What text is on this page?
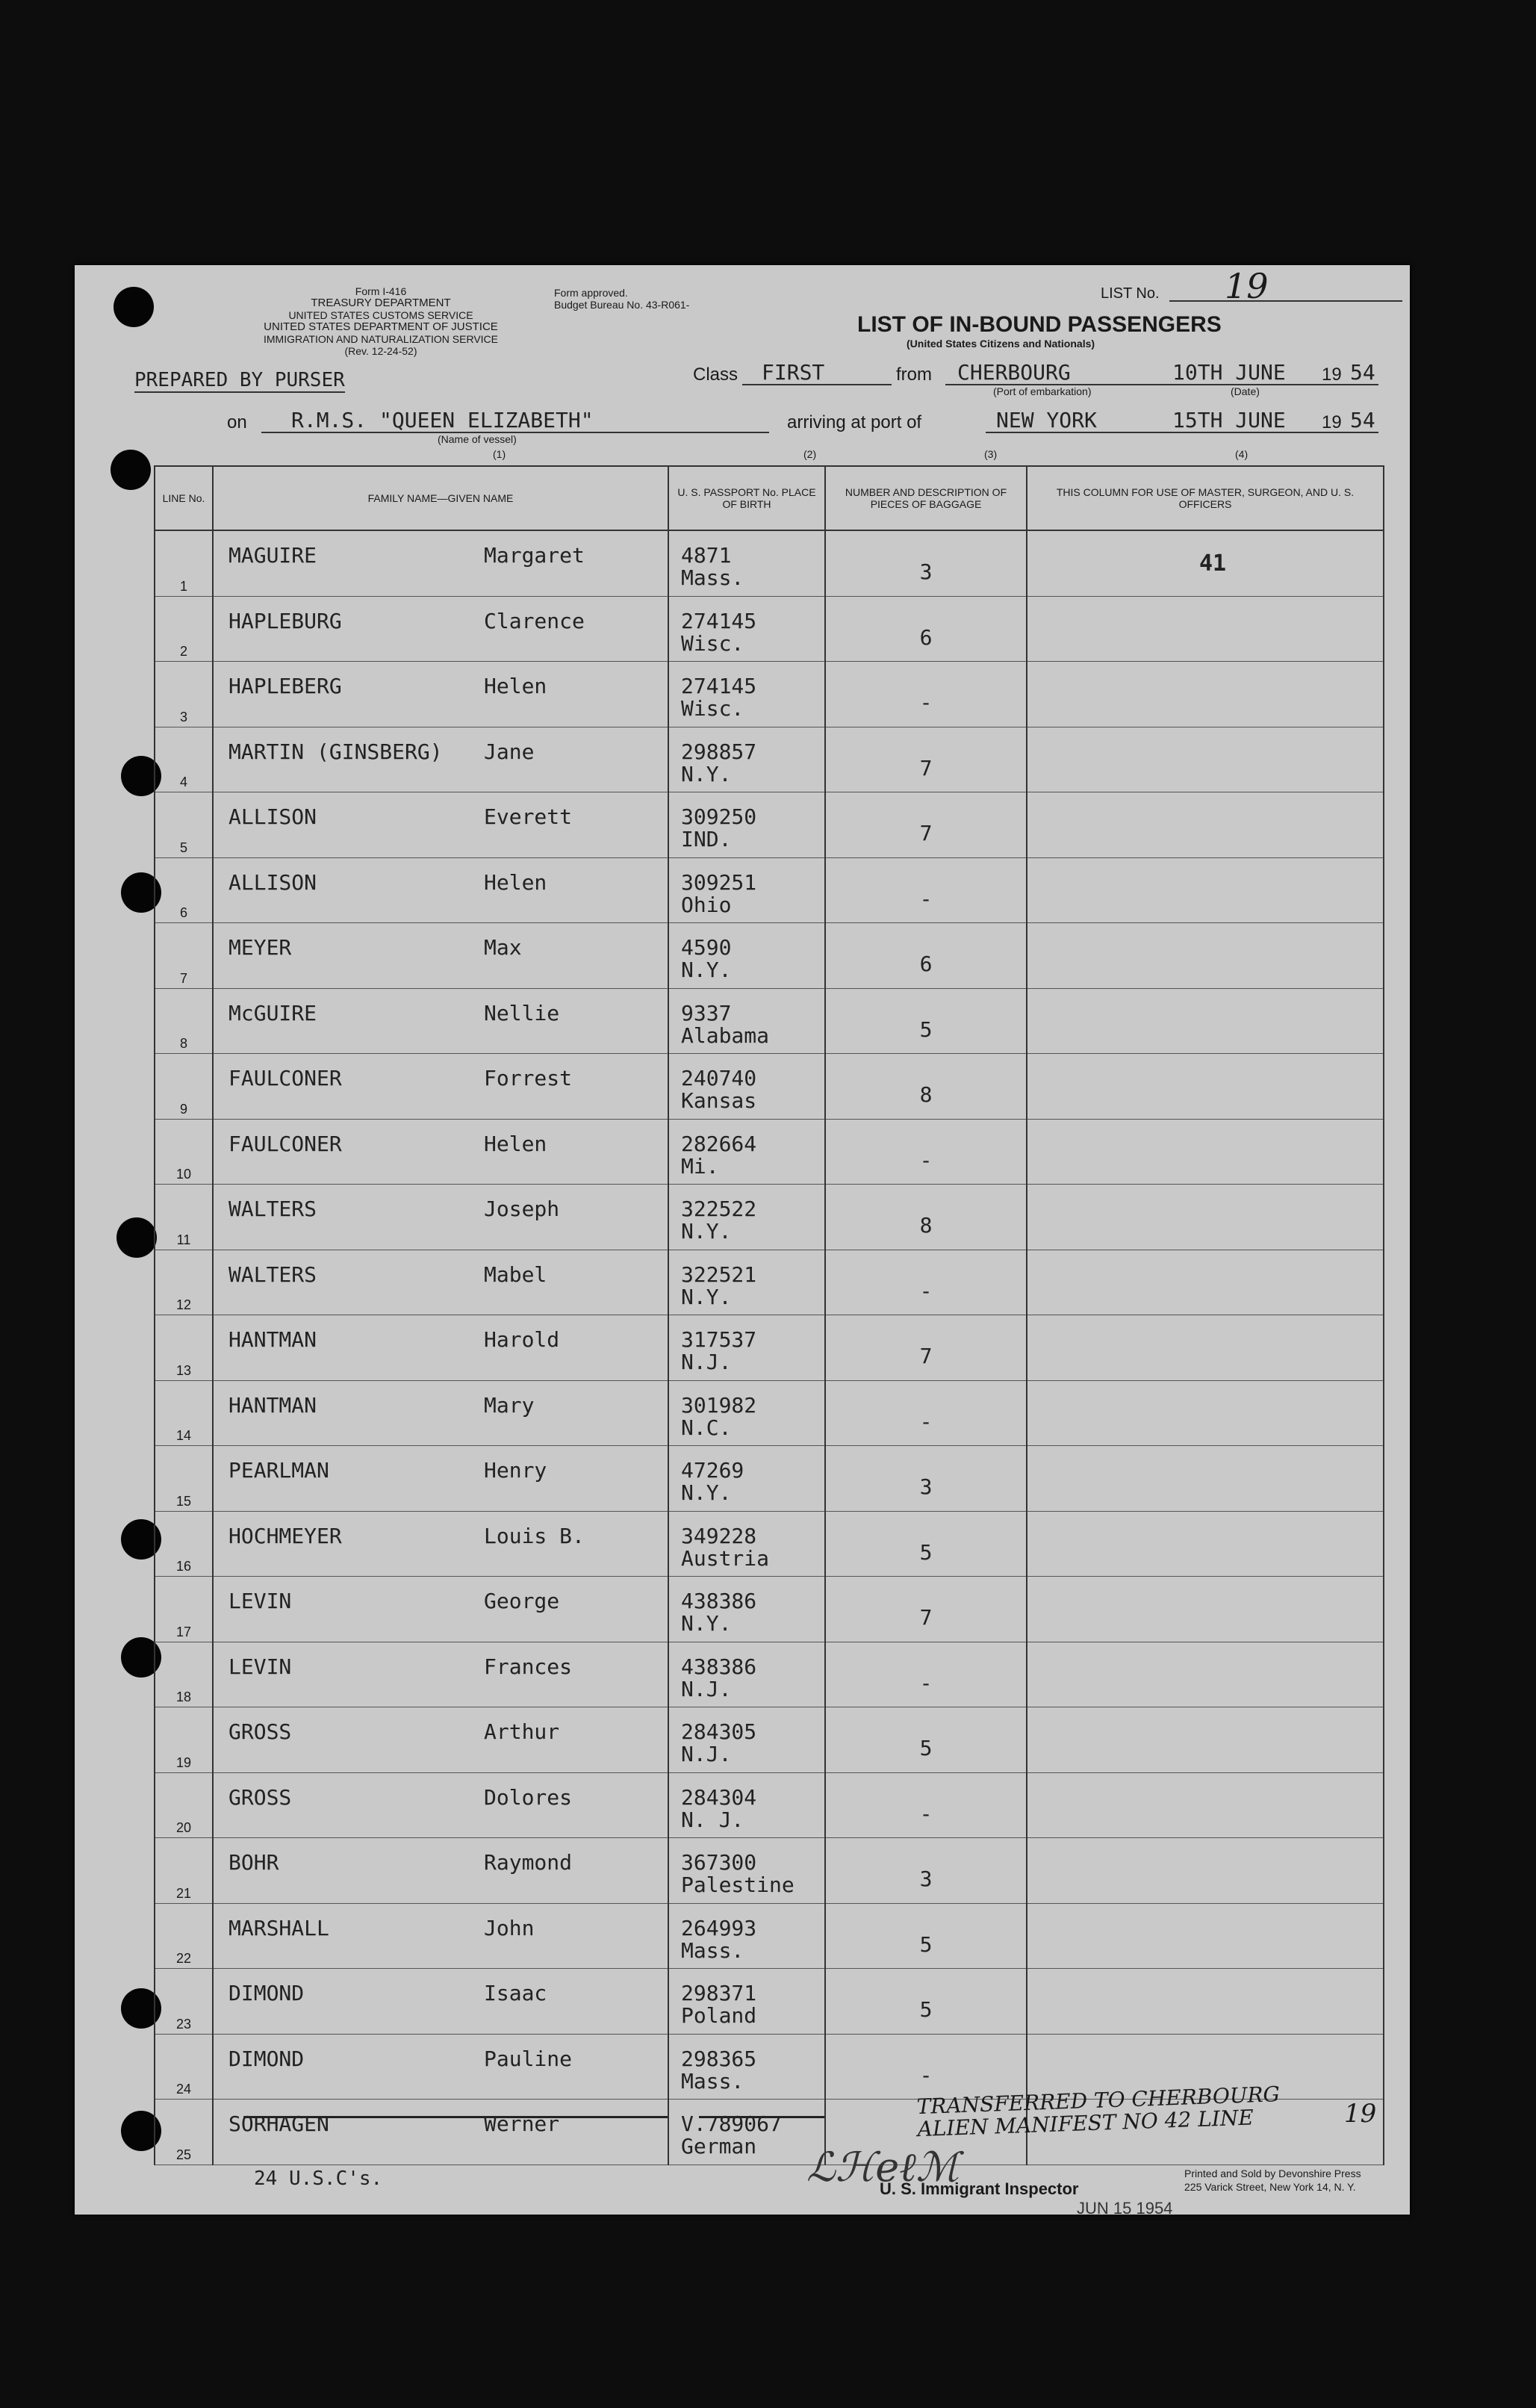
Form I-416
TREASURY DEPARTMENT
UNITED STATES CUSTOMS SERVICE
UNITED STATES DEPARTMENT OF JUSTICE
IMMIGRATION AND NATURALIZATION SERVICE
(Rev. 12-24-52)
Form approved.
Budget Bureau No. 43-R061-
LIST No. 19
LIST OF IN-BOUND PASSENGERS
(United States Citizens and Nationals)
PREPARED BY PURSER	Class FIRST	from CHERBOURG	10TH JUNE 19 54
(Port of embarkation)	(Date)
on R.M.S. "QUEEN ELIZABETH"
(Name of vessel)
arriving at port of	NEW YORK	15TH JUNE 19 54
(1)	(2)	(3)	(4)
LINE No.	FAMILY NAME—GIVEN NAME	U. S. PASSPORT No. PLACE OF BIRTH	NUMBER AND DESCRIPTION OF PIECES OF BAGGAGE	THIS COLUMN FOR USE OF MASTER, SURGEON, AND U. S. OFFICERS

1	MAGUIRE Margaret	4871
Mass.	3	41

2	HAPLEBURG Clarence	274145
Wisc.	6	

3	HAPLEBERG Helen	274145
Wisc.	-	

4	MARTIN (GINSBERG) Jane	298857
N.Y.	7	

5	ALLISON Everett	309250
IND.	7	

6	ALLISON Helen	309251
Ohio	-	

7	MEYER Max	4590
N.Y.	6	

8	McGUIRE Nellie	9337
Alabama	5	

9	FAULCONER Forrest	240740
Kansas	8	

10	FAULCONER Helen	282664
Mi.	-	

11	WALTERS Joseph	322522
N.Y.	8	

12	WALTERS Mabel	322521
N.Y.	-	

13	HANTMAN Harold	317537
N.J.	7	

14	HANTMAN Mary	301982
N.C.	-	

15	PEARLMAN Henry	47269
N.Y.	3	

16	HOCHMEYER Louis B.	349228
Austria	5	

17	LEVIN George	438386
N.Y.	7	

18	LEVIN Frances	438386
N.J.	-	

19	GROSS Arthur	284305
N.J.	5	

20	GROSS Dolores	284304
N. J.	-	

21	BOHR Raymond	367300
Palestine	3	

22	MARSHALL John	264993
Mass.	5	

23	DIMOND Isaac	298371
Poland	5	

24	DIMOND Pauline	298365
Mass.	-	

25	SORHAGEN Werner	V.789067
German		

24 U.S.C's.
TRANSFERRED TO CHERBOURG ALIEN MANIFEST NO 42 LINE	19
ℒℋeℓℳ
U. S. Immigrant Inspector
JUN 15 1954
Printed and Sold by Devonshire Press
225 Varick Street, New York 14, N. Y.
